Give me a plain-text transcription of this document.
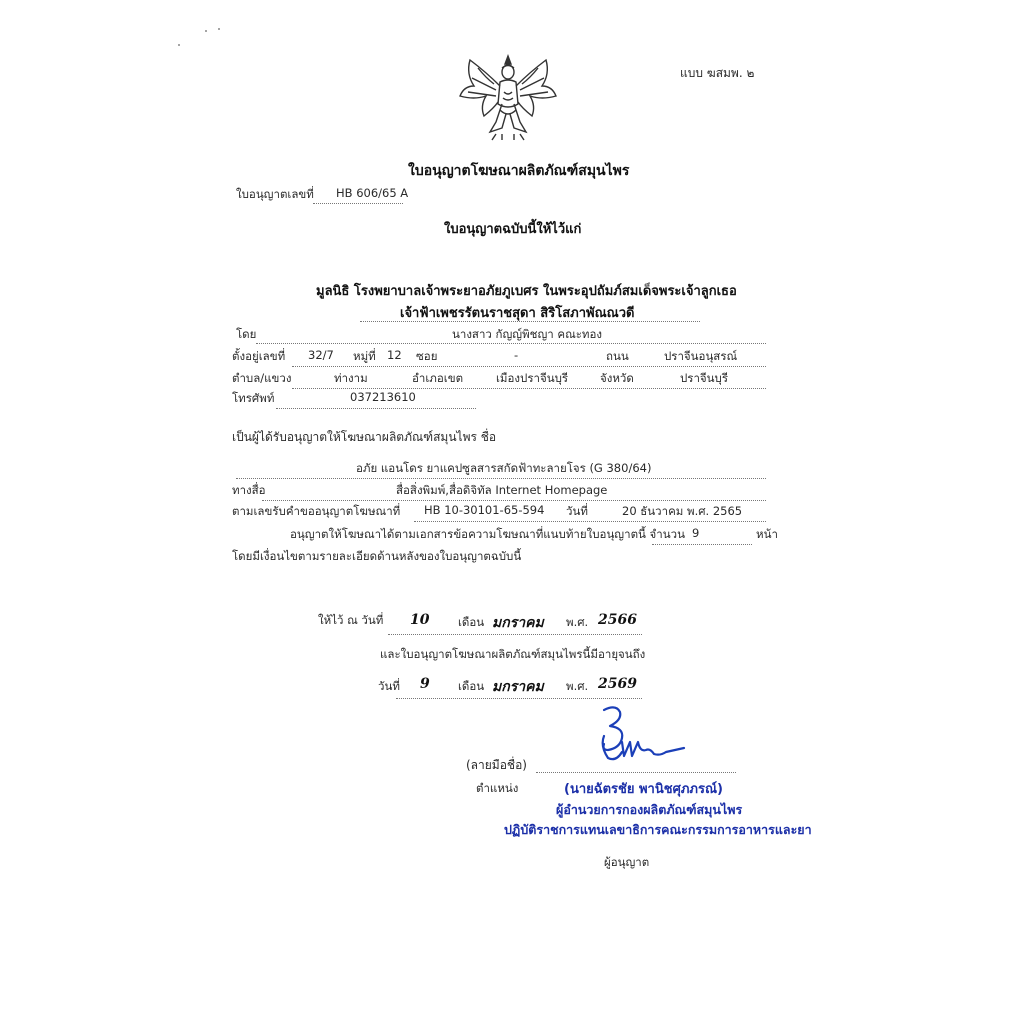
แบบ ฆสมพ. ๒
ใบอนุญาตโฆษณาผลิตภัณฑ์สมุนไพร
ใบอนุญาตเลขที่ HB 606/65 A
ใบอนุญาตฉบับนี้ให้ไว้แก่
มูลนิธิ โรงพยาบาลเจ้าพระยาอภัยภูเบศร ในพระอุปถัมภ์สมเด็จพระเจ้าลูกเธอ
เจ้าฟ้าเพชรรัตนราชสุดา สิริโสภาพัณณวดี
โดย	นางสาว กัญญ์พิชญา คณะทอง
ตั้งอยู่เลขที่ 32/7 หมู่ที่ 12 ซอย	-	ถนน	ปราจีนอนุสรณ์
ตำบล/แขวง	ท่างาม	อำเภอเขต	เมืองปราจีนบุรี	จังหวัด	ปราจีนบุรี
โทรศัพท์	037213610
เป็นผู้ได้รับอนุญาตให้โฆษณาผลิตภัณฑ์สมุนไพร ชื่อ
อภัย แอนโดร ยาแคปซูลสารสกัดฟ้าทะลายโจร (G 380/64)
ทางสื่อ	สื่อสิ่งพิมพ์,สื่อดิจิทัล Internet Homepage
ตามเลขรับคำขออนุญาตโฆษณาที่ HB 10-30101-65-594 วันที่	20 ธันวาคม พ.ศ. 2565
อนุญาตให้โฆษณาได้ตามเอกสารข้อความโฆษณาที่แนบท้ายใบอนุญาตนี้ จำนวน 9	หน้า
โดยมีเงื่อนไขตามรายละเอียดด้านหลังของใบอนุญาตฉบับนี้
ให้ไว้ ณ วันที่ 10 เดือน มกราคม พ.ศ. 2566
และใบอนุญาตโฆษณาผลิตภัณฑ์สมุนไพรนี้มีอายุจนถึง
วันที่ 9 เดือน มกราคม พ.ศ. 2569
(ลายมือชื่อ)
ตำแหน่ง	(นายฉัตรชัย พานิชศุภภรณ์)
ผู้อำนวยการกองผลิตภัณฑ์สมุนไพร
ปฏิบัติราชการแทนเลขาธิการคณะกรรมการอาหารและยา
ผู้อนุญาต
